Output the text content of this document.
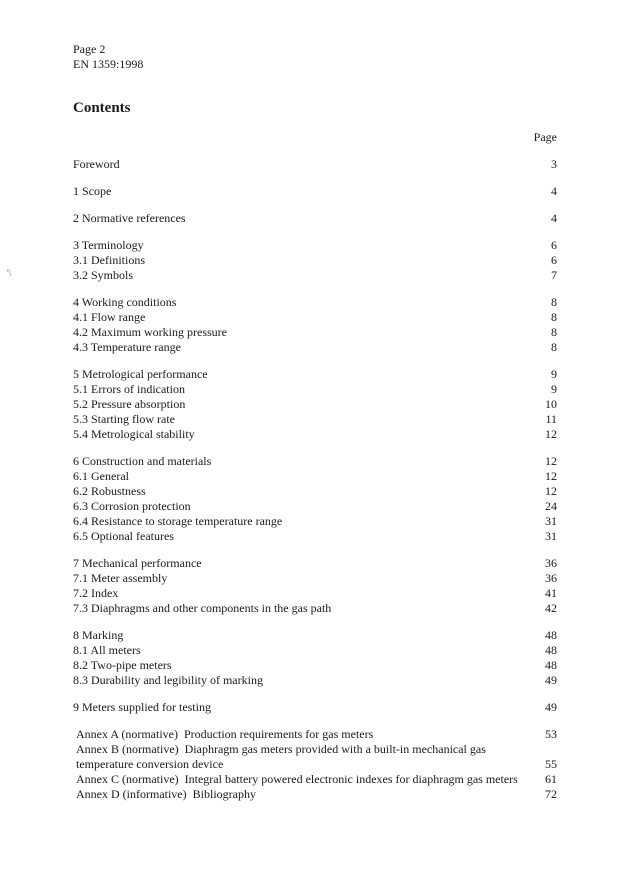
Page 2
EN 1359:1998
'\
Contents
Page
Foreword	3
1 Scope	4
2 Normative references	4
3 Terminology	6
3.1 Definitions	6
3.2 Symbols	7
4 Working conditions	8
4.1 Flow range	8
4.2 Maximum working pressure	8
4.3 Temperature range	8
5 Metrological performance	9
5.1 Errors of indication	9
5.2 Pressure absorption	10
5.3 Starting flow rate	11
5.4 Metrological stability	12
6 Construction and materials	12
6.1 General	12
6.2 Robustness	12
6.3 Corrosion protection	24
6.4 Resistance to storage temperature range	31
6.5 Optional features	31
7 Mechanical performance	36
7.1 Meter assembly	36
7.2 Index	41
7.3 Diaphragms and other components in the gas path	42
8 Marking	48
8.1 All meters	48
8.2 Two-pipe meters	48
8.3 Durability and legibility of marking	49
9 Meters supplied for testing	49
Annex A (normative) Production requirements for gas meters	53
Annex B (normative) Diaphragm gas meters provided with a built-in mechanical gas temperature conversion device	55
Annex C (normative) Integral battery powered electronic indexes for diaphragm gas meters	61
Annex D (informative) Bibliography	72
